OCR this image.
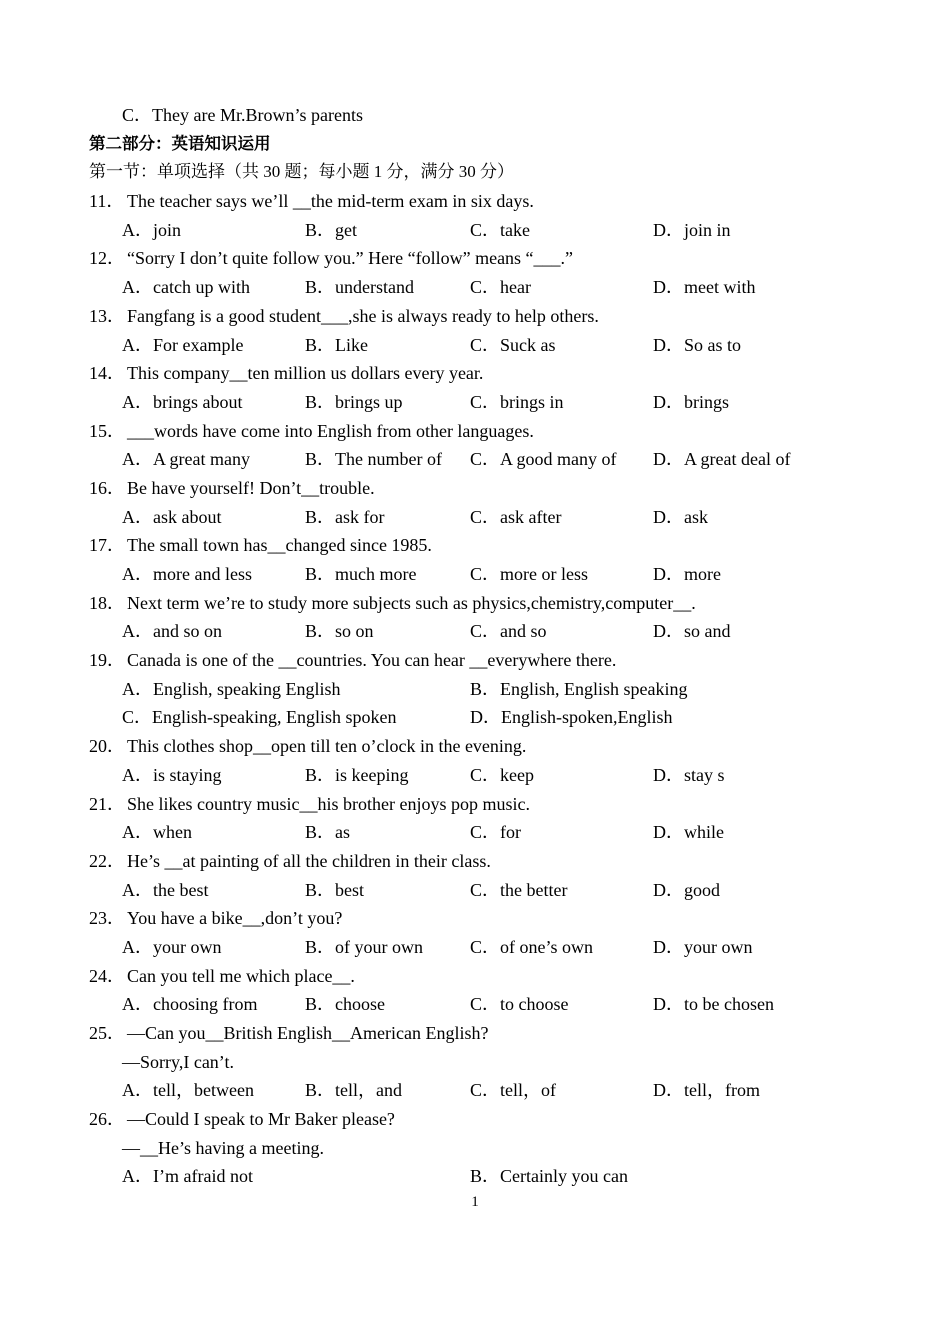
C．They are Mr.Brown’s parents
第二部分：英语知识运用
第一节：单项选择（共 30 题；每小题 1 分，满分 30 分）
11． The teacher says we’ll __the mid-term exam in six days.
A．join	B．get	C．take	D．join in
12． “Sorry I don’t quite follow you.” Here “follow” means “___.”
A．catch up with	B．understand	C．hear	D．meet with
13． Fangfang is a good student___,she is always ready to help others.
A．For example	B．Like	C．Suck as	D．So as to
14． This company__ten million us dollars every year.
A．brings about	B．brings up	C．brings in	D．brings
15． ___words have come into English from other languages.
A．A great many	B．The number of C．A good many of D．A great deal of
16． Be have yourself! Don’t__trouble.
A．ask about	B．ask for	C．ask after	D．ask
17． The small town has__changed since 1985.
A．more and less	B．much more	C．more or less	D．more
18． Next term we’re to study more subjects such as physics,chemistry,computer__.
A．and so on	B．so on	C．and so	D．so and
19． Canada is one of the __countries. You can hear __everywhere there.
A．English, speaking English	B．English, English speaking
C．English-speaking, English spoken	D．English-spoken,English
20． This clothes shop__open till ten o’clock in the evening.
A．is staying	B．is keeping	C．keep	D．stay s
21． She likes country music__his brother enjoys pop music.
A．when	B．as	C．for	D．while
22． He’s __at painting of all the children in their class.
A．the best	B．best	C．the better	D．good
23． You have a bike__,don’t you?
A．your own	B．of your own	C．of one’s own	D．your own
24． Can you tell me which place__.
A．choosing from	B．choose	C．to choose	D．to be chosen
25． —Can you__British English__American English?
—Sorry,I can’t.
A．tell，between	B．tell，and	C．tell，of	D．tell，from
26． —Could I speak to Mr Baker please?
—__He’s having a meeting.
A．I’m afraid not	B．Certainly you can
1
